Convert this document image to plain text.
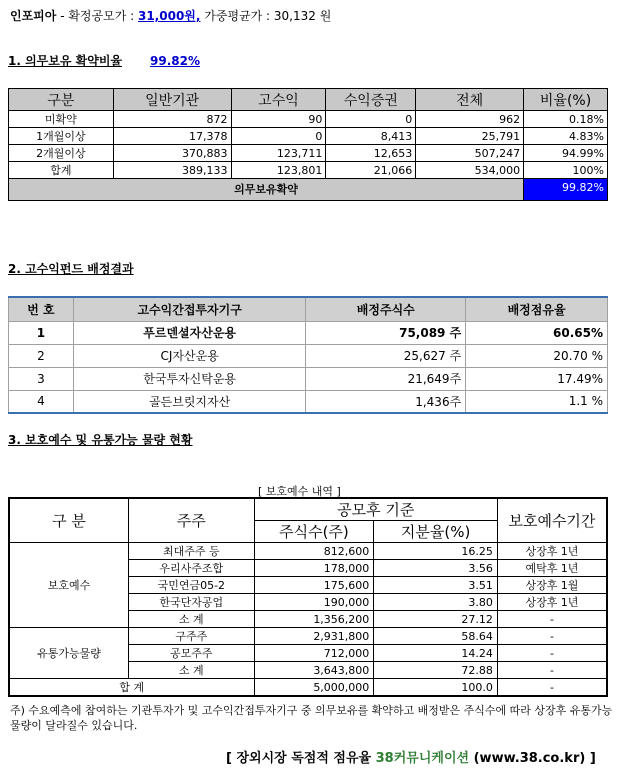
인포피아 - 확정공모가 : 31,000원, 가중평균가 : 30,132 원
1. 의무보유 확약비율 99.82%
구분	일반기관	고수익	수익증권	전체	비율(%)
미확약	872	90	0	962	0.18%
1개월이상	17,378	0	8,413	25,791	4.83%
2개월이상	370,883	123,711	12,653	507,247	94.99%
합계	389,133	123,801	21,066	534,000	100%
의무보유확약					99.82%
2. 고수익펀드 배정결과
번 호	고수익간접투자기구	배정주식수	배정점유율
1	푸르덴셜자산운용	75,089 주	60.65%
2	CJ자산운용	25,627 주	20.70 %
3	한국투자신탁운용	21,649주	17.49%
4	골든브릿지자산	1,436주	1.1 %
3. 보호예수 및 유통가능 물량 현황
[ 보호예수 내역 ]
구 분	주주	공모후 기준		보호예수기간
		주식수(주)	지분율(%)	
보호예수	최대주주 등	812,600	16.25	상장후 1년
	우리사주조합	178,000	3.56	예탁후 1년
	국민연금05-2	175,600	3.51	상장후 1월
	한국단자공업	190,000	3.80	상장후 1년
	소 계	1,356,200	27.12	-
유통가능물량	구주주	2,931,800	58.64	-
	공모주주	712,000	14.24	-
	소 계	3,643,800	72.88	-
합 계		5,000,000	100.0	-
주) 수요예측에 참여하는 기관투자가 및 고수익간접투자기구 중 의무보유를 확약하고 배정받은 주식수에 따라 상장후 유통가능물량이 달라질수 있습니다.
[ 장외시장 독점적 점유율 38커뮤니케이션 (www.38.co.kr) ]
